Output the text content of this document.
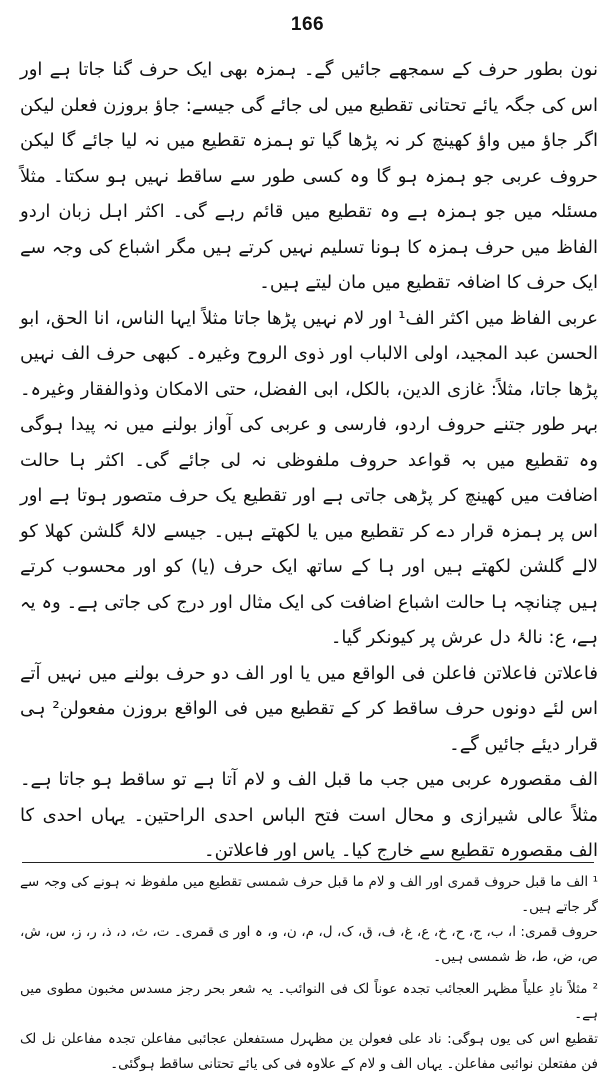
166

نون بطور حرف کے سمجھے جائیں گے۔ ہمزہ بھی ایک حرف گنا جاتا ہے اور اس کی جگہ یائے تحتانی تقطیع میں لی جائے گی جیسے: جاؤ بروزن فعلن لیکن اگر جاؤ میں واؤ کھینچ کر نہ پڑھا گیا تو ہمزہ تقطیع میں نہ لیا جائے گا لیکن حروف عربی جو ہمزہ ہو گا وہ کسی طور سے ساقط نہیں ہو سکتا۔ مثلاً مسئلہ میں جو ہمزہ ہے وہ تقطیع میں قائم رہے گی۔ اکثر اہل زبان اردو الفاظ میں حرف ہمزہ کا ہونا تسلیم نہیں کرتے ہیں مگر اشباع کی وجہ سے ایک حرف کا اضافہ تقطیع میں مان لیتے ہیں۔

عربی الفاظ میں اکثر الف¹ اور لام نہیں پڑھا جاتا مثلاً ایہا الناس، انا الحق، ابو الحسن عبد المجید، اولی الالباب اور ذوی الروح وغیرہ۔ کبھی حرف الف نہیں پڑھا جاتا، مثلاً: غازی الدین، بالکل، ابی الفضل، حتی الامکان وذوالفقار وغیرہ۔ بہر طور جتنے حروف اردو، فارسی و عربی کی آواز بولنے میں نہ پیدا ہوگی وہ تقطیع میں بہ قواعد حروف ملفوظی نہ لی جائے گی۔ اکثر ہا حالت اضافت میں کھینچ کر پڑھی جاتی ہے اور تقطیع یک حرف متصور ہوتا ہے اور اس پر ہمزہ قرار دے کر تقطیع میں یا لکھتے ہیں۔ جیسے لالۂ گلشن کھلا کو لالے گلشن لکھتے ہیں اور ہا کے ساتھ ایک حرف (یا) کو اور محسوب کرتے ہیں چنانچہ ہا حالت اشباع اضافت کی ایک مثال اور درج کی جاتی ہے۔ وہ یہ ہے، ع: نالۂ دل عرش پر کیونکر گیا۔

فاعلاتن فاعلاتن فاعلن فی الواقع میں یا اور الف دو حرف بولنے میں نہیں آتے اس لئے دونوں حرف ساقط کر کے تقطیع میں فی الواقع بروزن مفعولن² ہی قرار دیئے جائیں گے۔

الف مقصورہ عربی میں جب ما قبل الف و لام آتا ہے تو ساقط ہو جاتا ہے۔ مثلاً عالی شیرازی و محال است فتح الباس احدی الراحتین۔ یہاں احدی کا الف مقصورہ تقطیع سے خارج کیا۔ یاس اور فاعلاتن۔

¹ الف ما قبل حروف قمری اور الف و لام ما قبل حرف شمسی تقطیع میں ملفوظ نہ ہونے کی وجہ سے گر جاتے ہیں۔

حروف قمری: ا، ب، ج، ح، خ، ع، غ، ف، ق، ک، ل، م، ن، و، ہ اور ی قمری۔ ت، ث، د، ذ، ر، ز، س، ش، ص، ض، ط، ظ شمسی ہیں۔

² مثلاً نادِ علیاً مظہر العجائب تجدہ عوناً لک فی النوائب۔ یہ شعر بحر رجز مسدس مخبون مطوی میں ہے۔

تقطیع اس کی یوں ہوگی: ناد علی فعولن ین مظہرل مستفعلن عجائبی مفاعلن تجدہ مفاعلن نل لک فن مفتعلن نوائبی مفاعلن۔ یہاں الف و لام کے علاوہ فی کی یائے تحتانی ساقط ہوگئی۔
